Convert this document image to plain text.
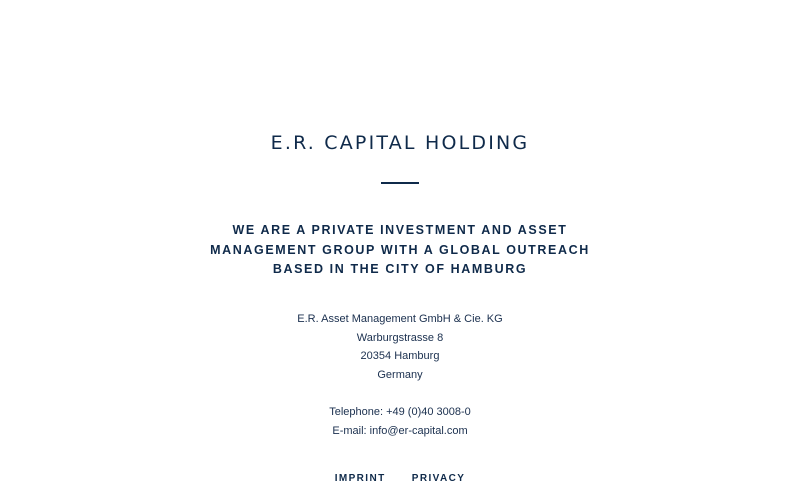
E.R. CAPITAL HOLDING
WE ARE A PRIVATE INVESTMENT AND ASSET MANAGEMENT GROUP WITH A GLOBAL OUTREACH BASED IN THE CITY OF HAMBURG
E.R. Asset Management GmbH & Cie. KG
Warburgstrasse 8
20354 Hamburg
Germany
Telephone: +49 (0)40 3008-0
E-mail: info@er-capital.com
IMPRINT	PRIVACY
